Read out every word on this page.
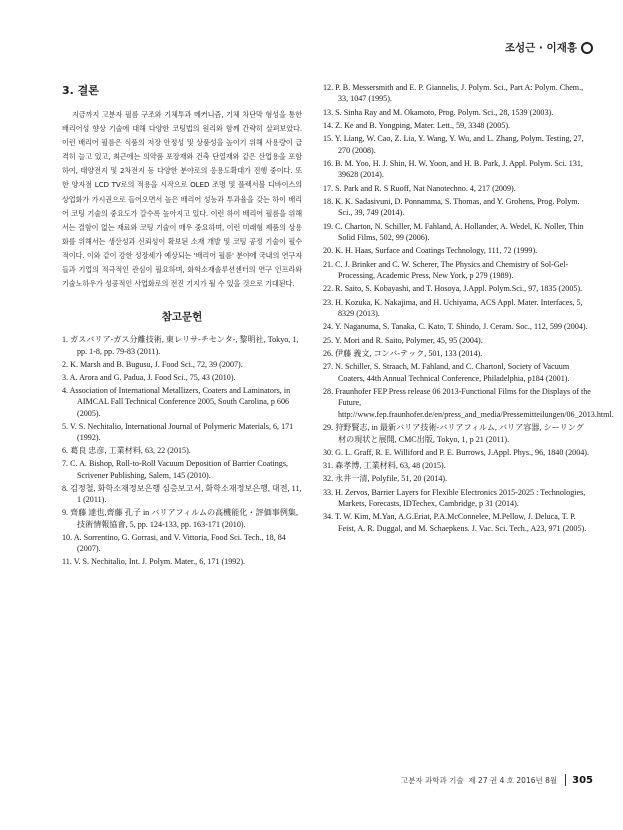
조성근 · 이재흥
3. 결론

지금까지 고분자 필름 구조와 기체투과 메커니즘, 기체 차단막 형성을 통한 배리어성 향상 기술에 대해 다양한 코팅법의 원리와 함께 간략히 살펴보았다. 이런 배리어 필름은 식품의 저장 안정성 및 상품성을 높이기 위해 사용량이 급격히 늘고 있고, 최근에는 의약품 포장재와 건축 단열재와 같은 산업용을 포함하여, 태양전지 및 2차전지 등 다양한 분야로의 응용도확대가 진행 중이다. 또한 양자점 LCD TV로의 적용을 시작으로 OLED 조명 및 플렉서블 디바이스의 상업화가 가시권으로 들어오면서 높은 배리어 성능과 투과율을 갖는 하이 배리어 코팅 기술의 중요도가 갈수록 높아지고 있다. 이런 하이 배리어 필름을 위해서는 결함이 없는 재료와 코팅 기술이 매우 중요하며, 이런 미래형 제품의 상용화를 위해서는 생산성과 신뢰성이 확보된 소재 개발 및 코팅 공정 기술이 필수적이다. 이와 같이 강한 성장세가 예상되는 '배리어 필름' 분야에 국내의 연구자들과 기업의 적극적인 관심이 필요하며, 화학소재솔루션센터의 연구 인프라와 기술노하우가 성공적인 사업화로의 전진 기지가 될 수 있을 것으로 기대된다.

참고문헌
1. ガスバリア-ガス分離技術, 東レリサ-チセンタ-, 黎明社, Tokyo, 1, pp. 1-8, pp. 79-83 (2011).
2. K. Marsh and B. Bugusu, J. Food Sci., 72, 39 (2007).
3. A. Arora and G. Padua, J. Food Sci., 75, 43 (2010).
4. Association of International Metallizers, Coaters and Laminators, in AIMCAL Fall Technical Conference 2005, South Carolina, p 606 (2005).
5. V. S. Nechitalio, International Journal of Polymeric Materials, 6, 171 (1992).
6. 葛良 忠彦, 工業材料, 63, 22 (2015).
7. C. A. Bishop, Roll-to-Roll Vacuum Deposition of Barrier Coatings, Scrivener Publishing, Salem, 145 (2010).
8. 김정철, 화학소재정보은행 심층보고서, 화학소재정보은행, 대전, 11, 1 (2011).
9. 齊藤 達也,齊藤 孔子 in バリアフィルムの高機能化・評価事例集, 技術情報協會, 5, pp. 124-133, pp. 163-171 (2010).
10. A. Sorrentino, G. Gorrasi, and V. Vittoria, Food Sci. Tech., 18, 84 (2007).
11. V. S. Nechitalio, Int. J. Polym. Mater., 6, 171 (1992).
12. P. B. Messersmith and E. P. Giannelis, J. Polym. Sci., Part A: Polym. Chem., 33, 1047 (1995).
13. S. Sinha Ray and M. Okamoto, Prog. Polym. Sci., 28, 1539 (2003).
14. Z. Ke and B. Yongping, Mater. Lett., 59, 3348 (2005).
15. Y. Liang, W. Cao, Z. Lia, Y. Wang, Y. Wu, and L. Zhang, Polym. Testing, 27, 270 (2008).
16. B. M. Yoo, H. J. Shin, H. W. Yoon, and H. B. Park, J. Appl. Polym. Sci. 131, 39628 (2014).
17. S. Park and R. S Ruoff, Nat Nanotechno. 4, 217 (2009).
18. K. K. Sadasivuni, D. Ponnamma, S. Thomas, and Y. Grohens, Prog. Polym. Sci., 39, 749 (2014).
19. C. Charton, N. Schiller, M. Fahland, A. Hollander, A. Wedel, K. Noller, Thin Solid Films, 502, 99 (2006).
20. K. H. Haas, Surface and Coatings Technology, 111, 72 (1999).
21. C. J. Brinker and C. W. Scherer, The Physics and Chemistry of Sol-Gel-Processing, Academic Press, New York, p 279 (1989).
22. R. Saito, S. Kobayashi, and T. Hosoya, J.Appl. Polym.Sci., 97, 1835 (2005).
23. H. Kozuka, K. Nakajima, and H. Uchiyama, ACS Appl. Mater. Interfaces, 5, 8329 (2013).
24. Y. Naganuma, S. Tanaka, C. Kato, T. Shindo, J. Ceram. Soc., 112, 599 (2004).
25. Y. Mori and R. Saito, Polymer, 45, 95 (2004).
26. 伊藤 義文, コンバ-テック, 501, 133 (2014).
27. N. Schiller, S. Straach, M. Fahland, and C. Chartonl, Society of Vacuum Coaters, 44th Annual Technical Conference, Philadelphia, p184 (2001).
28. Fraunhofer FEP Press release 06 2013-Functional Films for the Displays of the Future, http://www.fep.fraunhofer.de/en/press_and_media/Pressemitteilungen/06_2013.html.
29. 狩野賢志, in 最新バリア技術-バリアフィルム, バリア容器, シーリング材の現状と展開, CMC出版, Tokyo, 1, p 21 (2011).
30. G. L. Graff, R. E. Williford and P. E. Burrows, J.Appl. Phys., 96, 1840 (2004).
31. 森孝博, 工業材料, 63, 48 (2015).
32. 永井一清, Polyfile, 51, 20 (2014).
33. H. Zervos, Barrier Layers for Flexible Electronics 2015-2025 : Technologies, Markets, Forecasts, IDTechex, Cambridge, p 31 (2014).
34. T. W. Kim, M.Yan, A.G.Eriat, P.A.McConnelee, M.Pellow, J. Deluca, T. P. Feist, A. R. Duggal, and M. Schaepkens. J. Vac. Sci. Tech., A23, 971 (2005).
고분자 과학과 기술
제 27 권 4 호 2016년 8월 305
